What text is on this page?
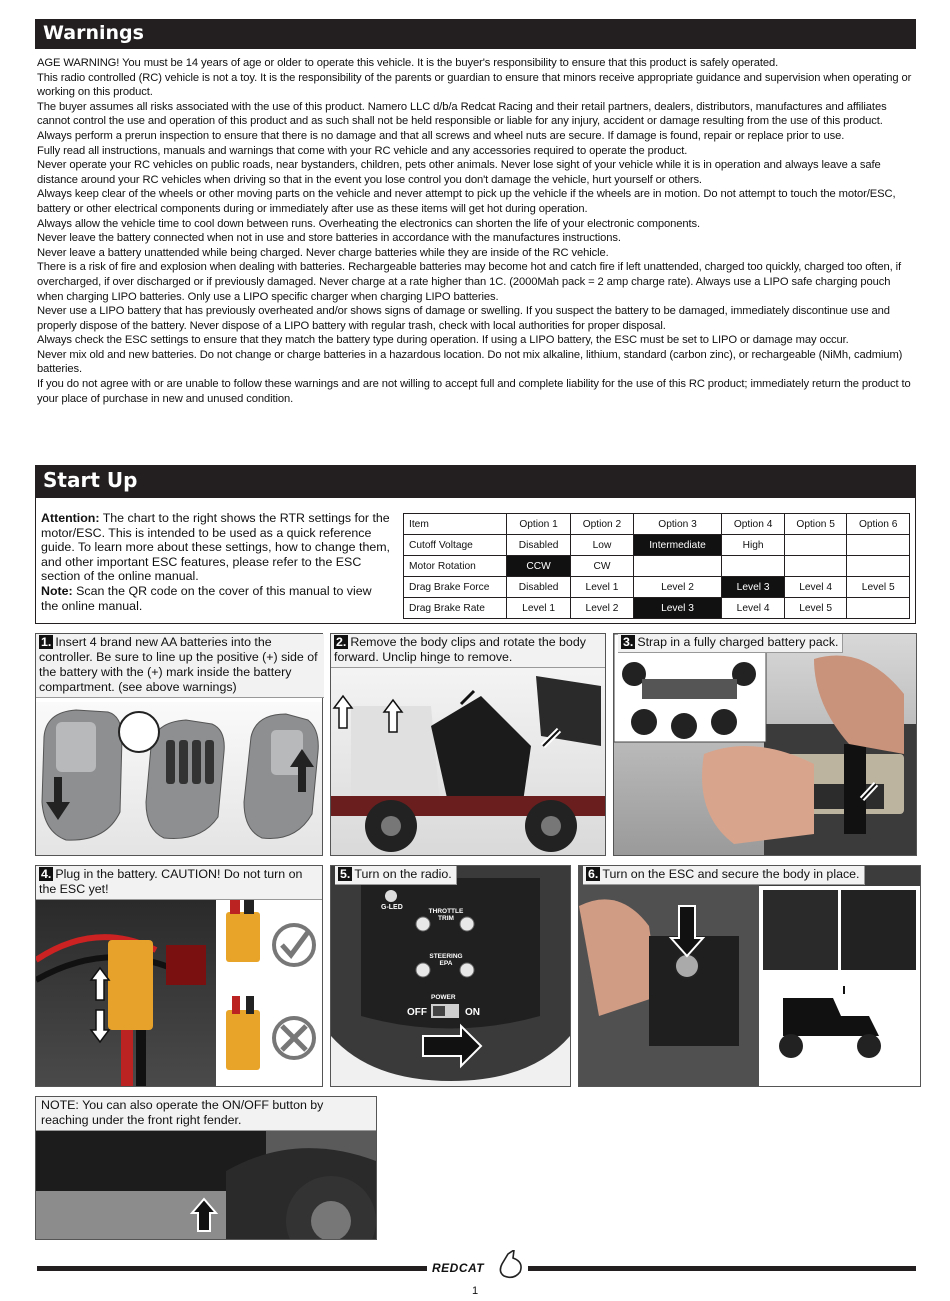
Warnings

AGE WARNING! You must be 14 years of age or older to operate this vehicle. It is the buyer's responsibility to ensure that this product is safely operated.

This radio controlled (RC) vehicle is not a toy. It is the responsibility of the parents or guardian to ensure that minors receive appropriate guidance and supervision when operating or working on this product.

The buyer assumes all risks associated with the use of this product. Namero LLC d/b/a Redcat Racing and their retail partners, dealers, distributors, manufactures and affiliates cannot control the use and operation of this product and as such shall not be held responsible or liable for any injury, accident or damage resulting from the use of this product.

Always perform a prerun inspection to ensure that there is no damage and that all screws and wheel nuts are secure. If damage is found, repair or replace prior to use.

Fully read all instructions, manuals and warnings that come with your RC vehicle and any accessories required to operate the product.

Never operate your RC vehicles on public roads, near bystanders, children, pets other animals. Never lose sight of your vehicle while it is in operation and always leave a safe distance around your RC vehicles when driving so that in the event you lose control you don't damage the vehicle, hurt yourself or others.

Always keep clear of the wheels or other moving parts on the vehicle and never attempt to pick up the vehicle if the wheels are in motion. Do not attempt to touch the motor/ESC, battery or other electrical components during or immediately after use as these items will get hot during operation.

Always allow the vehicle time to cool down between runs. Overheating the electronics can shorten the life of your electronic components.

Never leave the battery connected when not in use and store batteries in accordance with the manufactures instructions.

Never leave a battery unattended while being charged. Never charge batteries while they are inside of the RC vehicle.

There is a risk of fire and explosion when dealing with batteries. Rechargeable batteries may become hot and catch fire if left unattended, charged too quickly, charged too often, if overcharged, if over discharged or if previously damaged. Never charge at a rate higher than 1C. (2000Mah pack = 2 amp charge rate). Always use a LIPO safe charging pouch when charging LIPO batteries. Only use a LIPO specific charger when charging LIPO batteries.

Never use a LIPO battery that has previously overheated and/or shows signs of damage or swelling. If you suspect the battery to be damaged, immediately discontinue use and properly dispose of the battery. Never dispose of a LIPO battery with regular trash, check with local authorities for proper disposal.

Always check the ESC settings to ensure that they match the battery type during operation. If using a LIPO battery, the ESC must be set to LIPO or damage may occur.

Never mix old and new batteries. Do not change or charge batteries in a hazardous location. Do not mix alkaline, lithium, standard (carbon zinc), or rechargeable (NiMh, cadmium) batteries.

If you do not agree with or are unable to follow these warnings and are not willing to accept full and complete liability for the use of this RC product; immediately return the product to your place of purchase in new and unused condition.

Start Up
Attention: The chart to the right shows the RTR settings for the motor/ESC. This is intended to be used as a quick reference guide. To learn more about these settings, how to change them, and other important ESC features, please refer to the ESC section of the online manual.
Note: Scan the QR code on the cover of this manual to view the online manual.
Item	Option 1	Option 2	Option 3	Option 4	Option 5	Option 6
Cutoff Voltage	Disabled	Low	Intermediate	High		
Motor Rotation	CCW	CW				
Drag Brake Force	Disabled	Level 1	Level 2	Level 3	Level 4	Level 5
Drag Brake Rate	Level 1	Level 2	Level 3	Level 4	Level 5	
1. Insert 4 brand new AA batteries into the controller. Be sure to line up the positive (+) side of the battery with the (+) mark inside the battery compartment. (see above warnings)
2. Remove the body clips and rotate the body forward. Unclip hinge to remove.
3. Strap in a fully charged battery pack.
4. Plug in the battery. CAUTION! Do not turn on the ESC yet!
G-LED
THROTTLE
TRIM
STEERING
EPA
POWER
OFF	ON
5. Turn on the radio.	6. Turn on the ESC and secure the body in place.
NOTE: You can also operate the ON/OFF button by reaching under the front right fender.
REDCAT
1
